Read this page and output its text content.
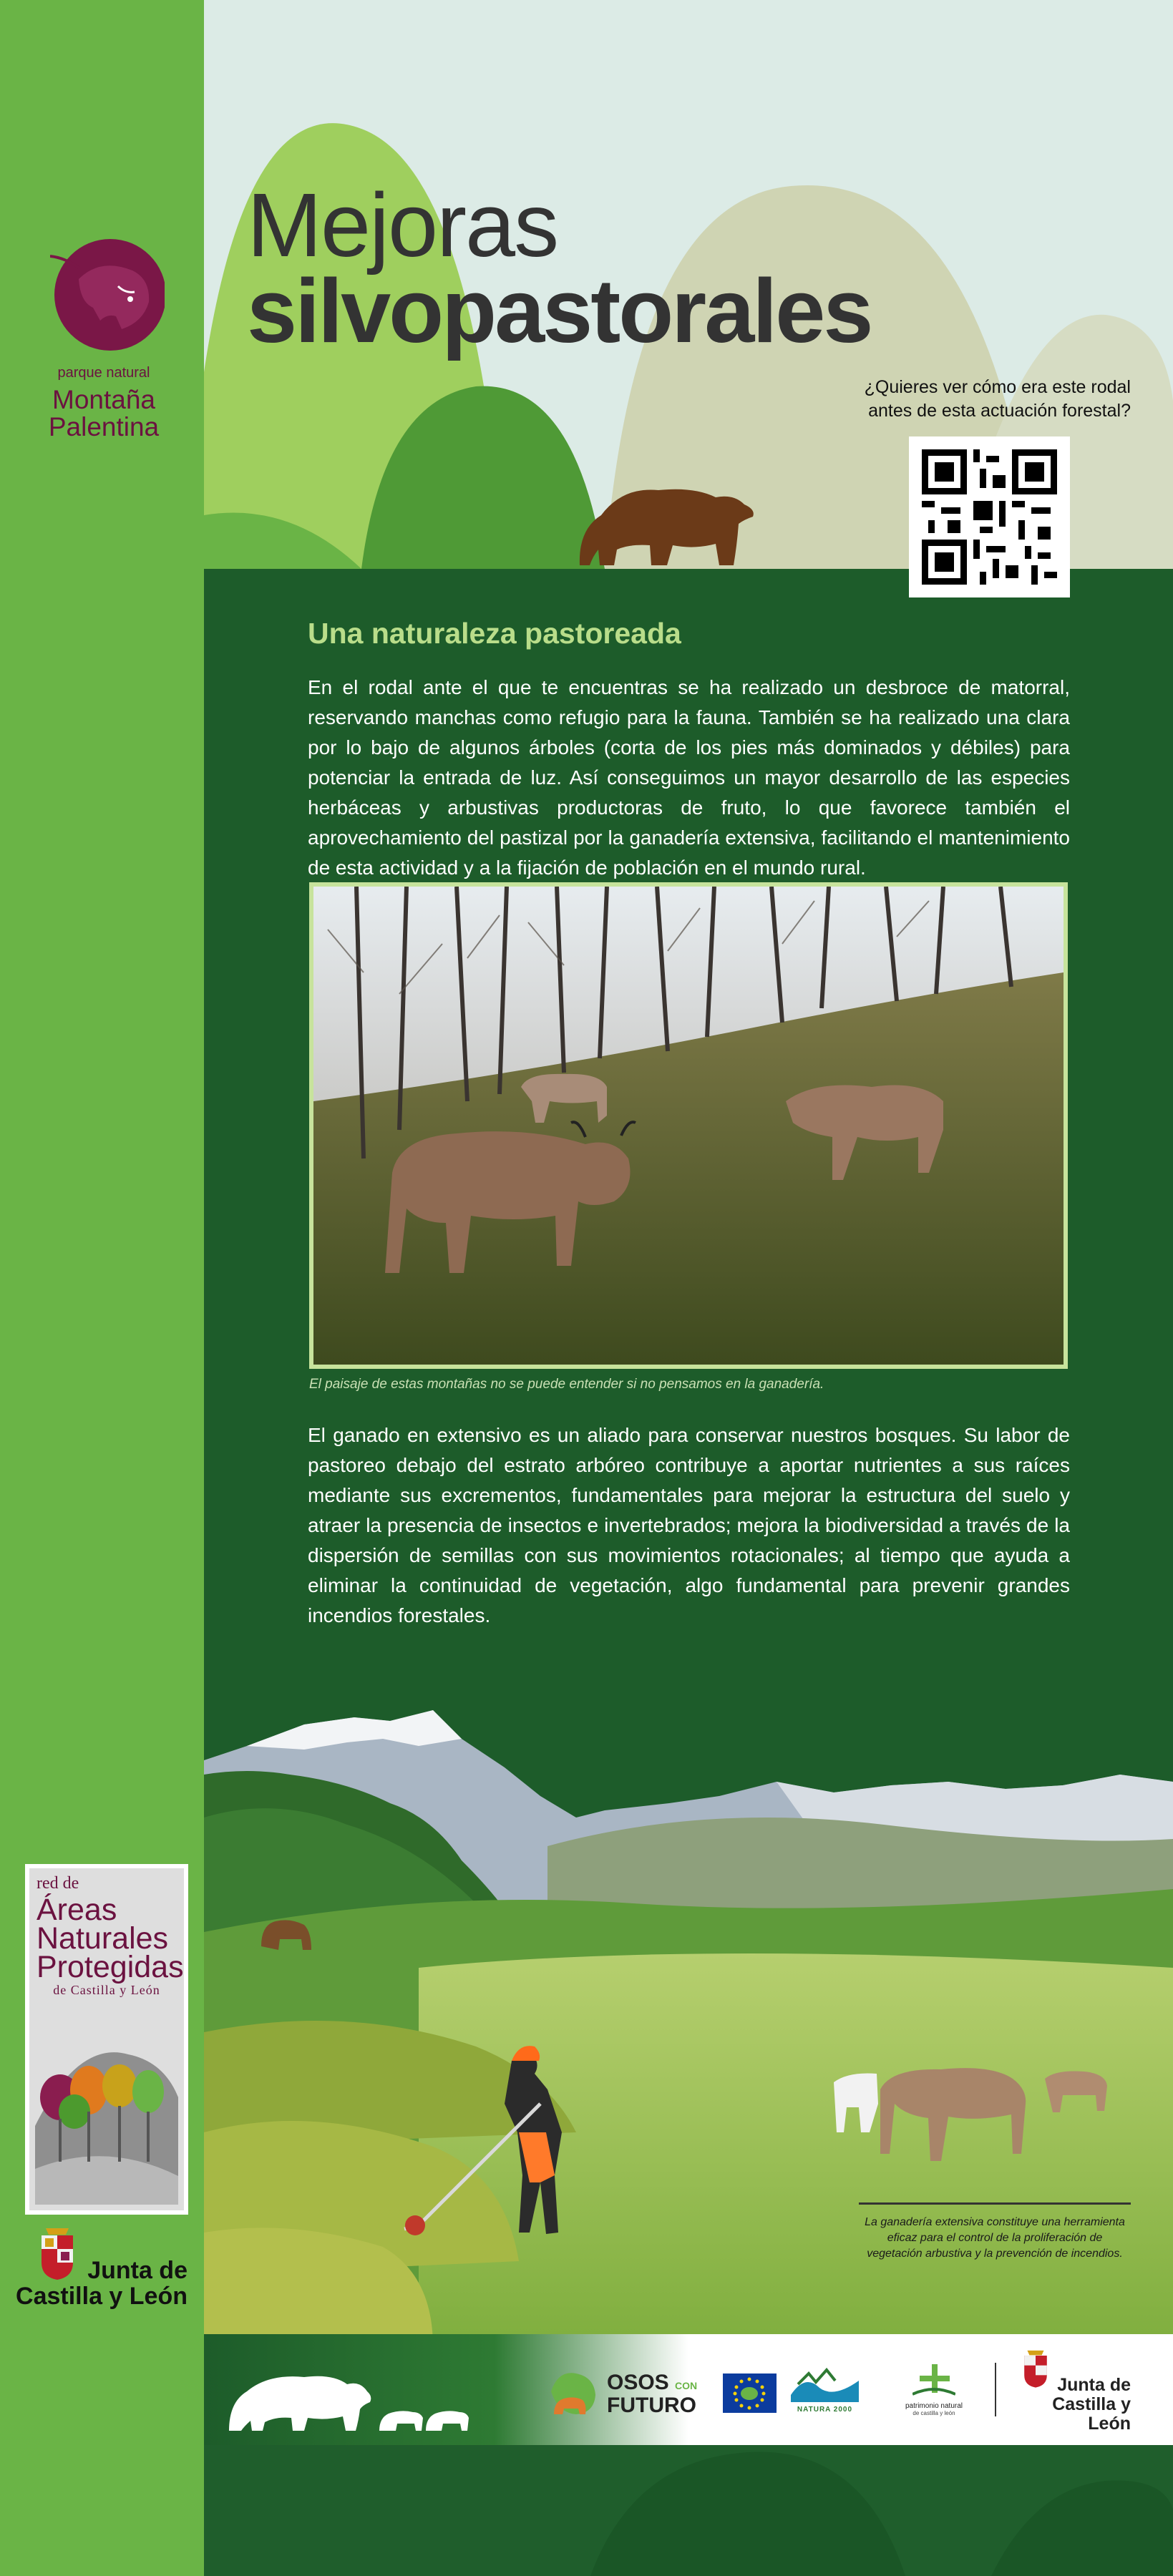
parque natural
Montaña
Palentina
red de
Áreas
Naturales
Protegidas
de Castilla y León
Junta de
Castilla y León
Mejoras
silvopastorales
¿Quieres ver cómo era este rodal
antes de esta actuación forestal?
Una naturaleza pastoreada
En el rodal ante el que te encuentras se ha realizado un desbroce de matorral, reservando manchas como refugio para la fauna. También se ha realizado una clara por lo bajo de algunos árboles (corta de los pies más dominados y débiles) para potenciar la entrada de luz. Así conseguimos un mayor desarrollo de las especies herbáceas y arbustivas productoras de fruto, lo que favorece también el aprovechamiento del pastizal por la ganadería extensiva, facilitando el mantenimiento de esta actividad y a la fijación de población en el mundo rural.
El paisaje de estas montañas no se puede entender si no pensamos en la ganadería.
El ganado en extensivo es un aliado para conservar nuestros bosques. Su labor de pastoreo debajo del estrato arbóreo contribuye a aportar nutrientes a sus raíces mediante sus excrementos, fundamentales para mejorar la estructura del suelo y atraer la presencia de insectos e invertebrados; mejora la biodiversidad a través de la dispersión de semillas con sus movimientos rotacionales; al tiempo que ayuda a eliminar la continuidad de vegetación, algo fundamental para prevenir grandes incendios forestales.
La ganadería extensiva constituye una herramienta
eficaz para el control de la proliferación de
vegetación arbustiva y la prevención de incendios.
OSOS CON
FUTURO	NATURA 2000	patrimonio natural
de castilla y león
Junta de
Castilla y León
